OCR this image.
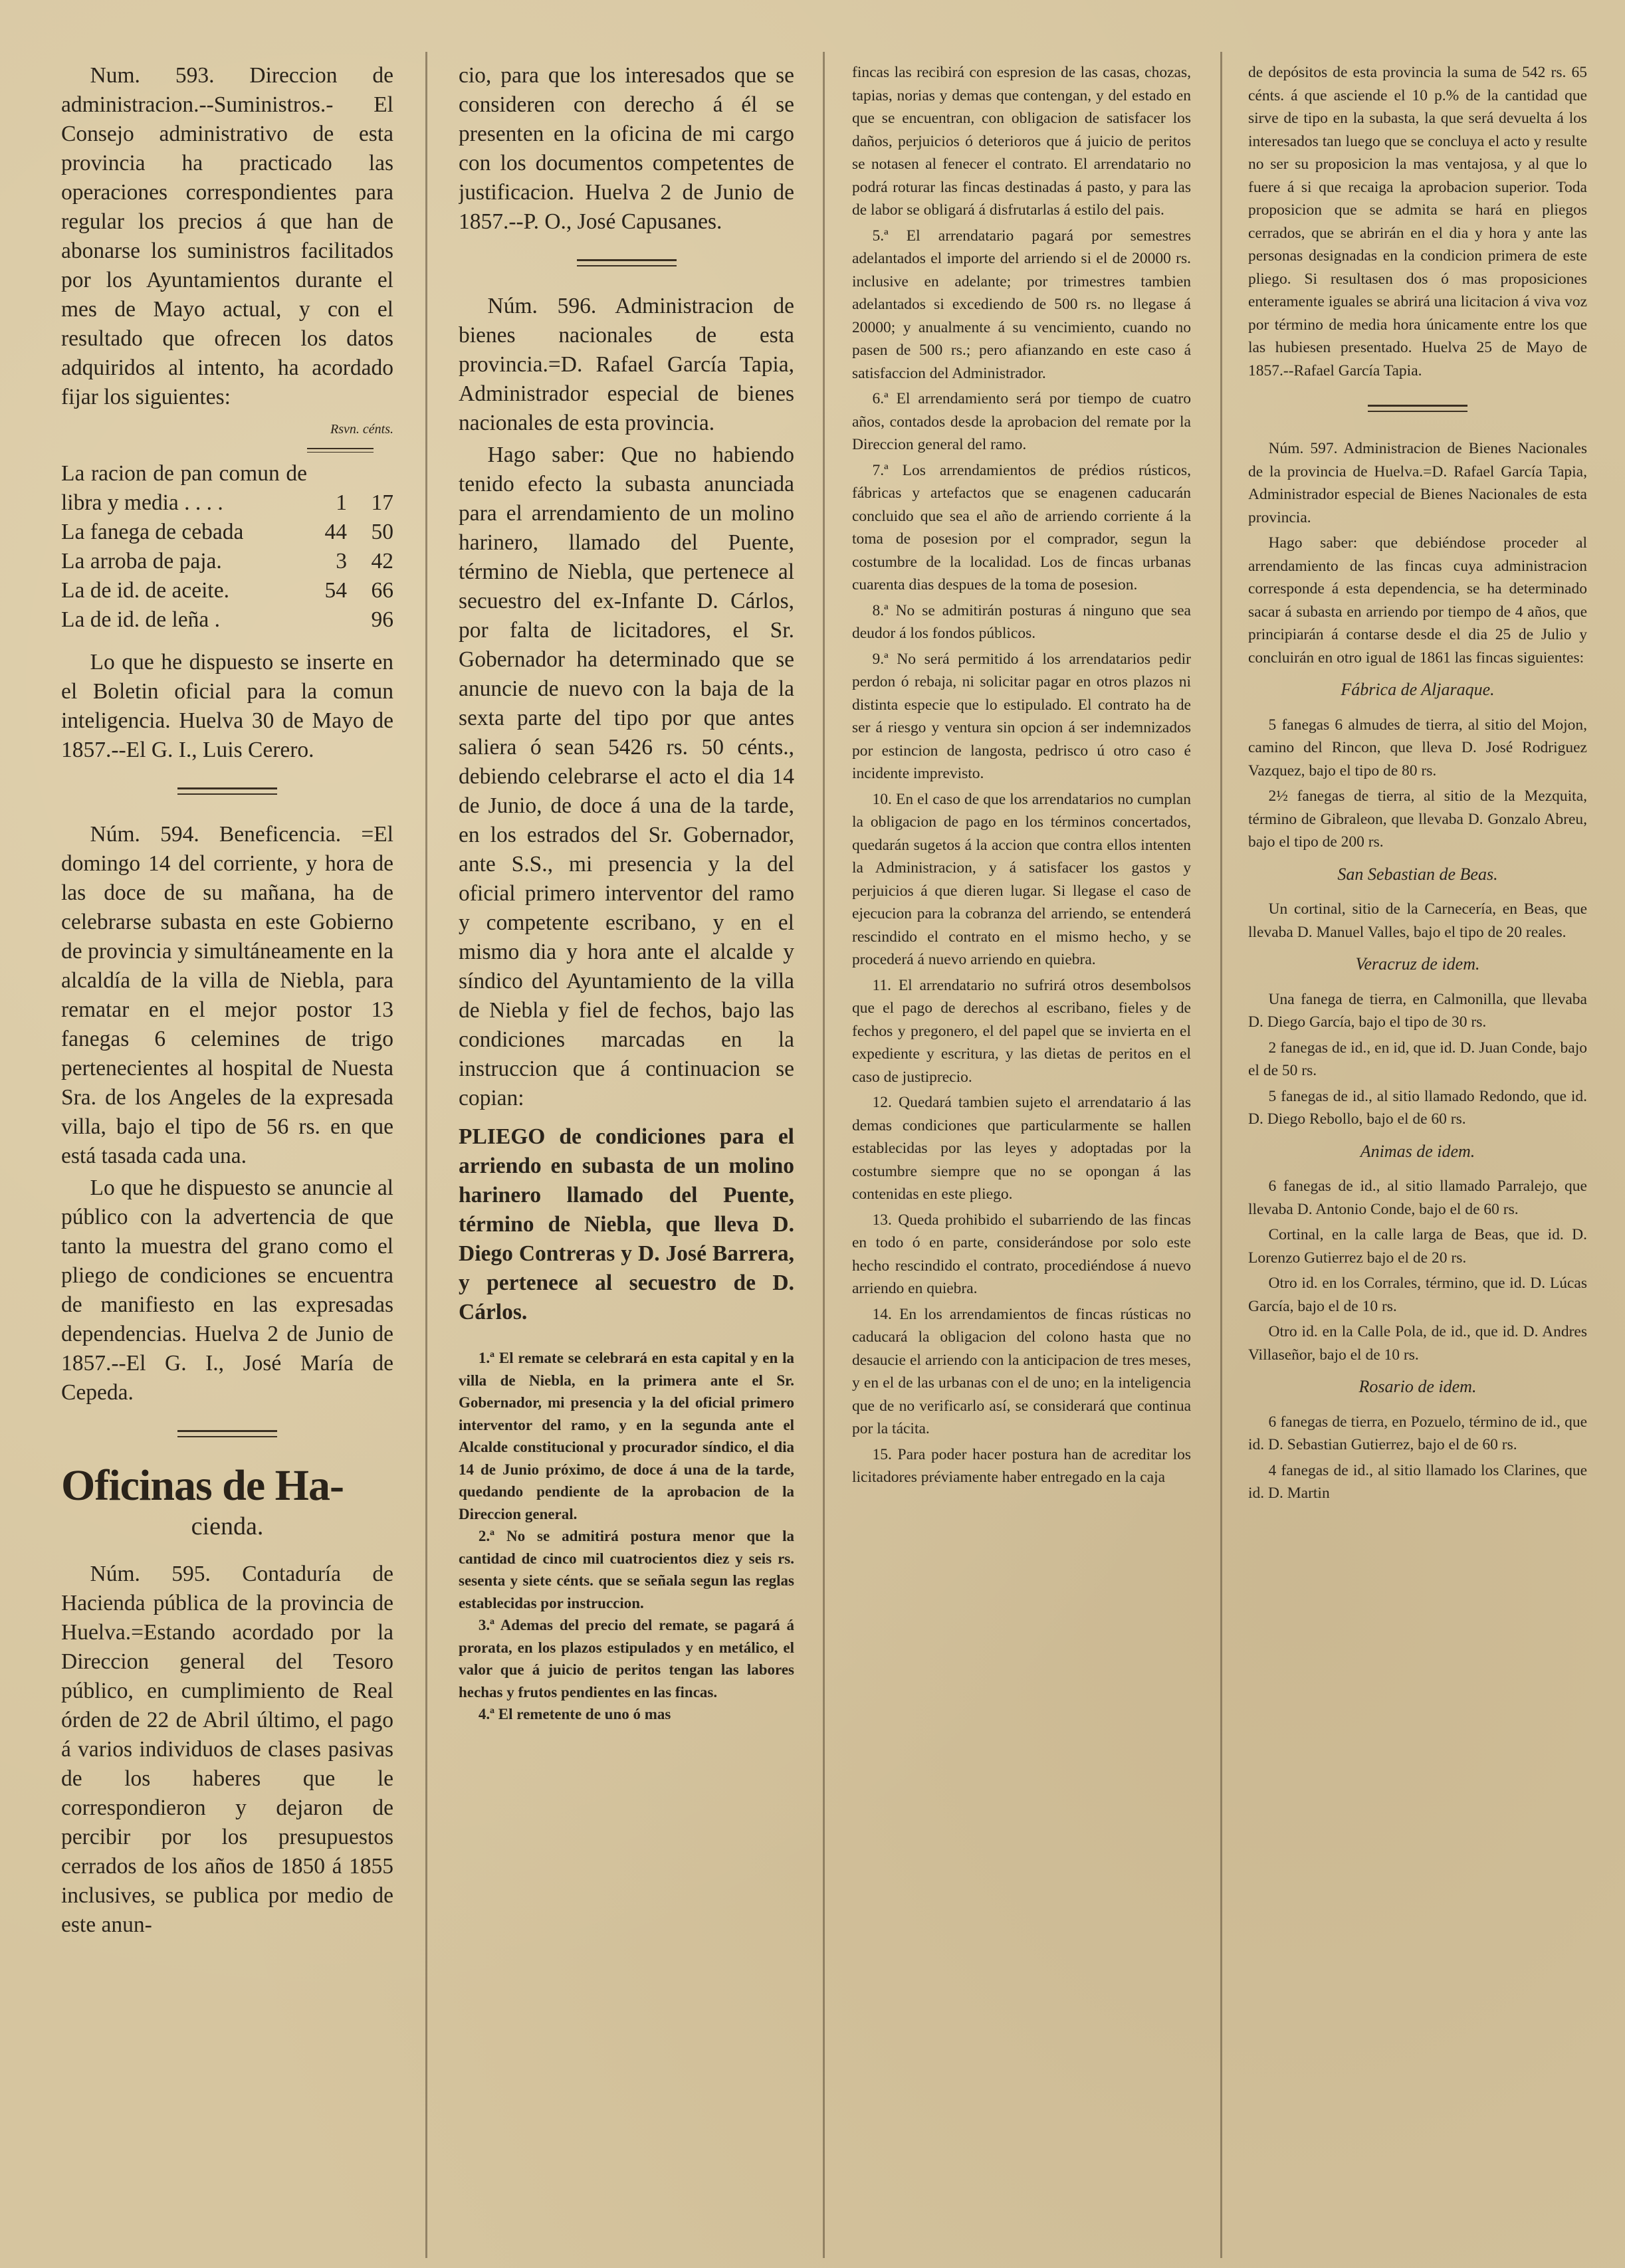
Num. 593. Direccion de administracion.--Suministros.- El Consejo administrativo de esta provincia ha practicado las operaciones correspondientes para regular los precios á que han de abonarse los suministros facilitados por los Ayuntamientos durante el mes de Mayo actual, y con el resultado que ofrecen los datos adquiridos al intento, ha acordado fijar los siguientes:

Rsvn. cénts.
La racion de pan comun de libra y media . . . .	1	17
La fanega de cebada	44	50
La arroba de paja.	3	42
La de id. de aceite.	54	66
La de id. de leña .		96

Lo que he dispuesto se inserte en el Boletin oficial para la comun inteligencia. Huelva 30 de Mayo de 1857.--El G. I., Luis Cerero.

Núm. 594. Beneficencia. =El domingo 14 del corriente, y hora de las doce de su mañana, ha de celebrarse subasta en este Gobierno de provincia y simultáneamente en la alcaldía de la villa de Niebla, para rematar en el mejor postor 13 fanegas 6 celemines de trigo pertenecientes al hospital de Nuesta Sra. de los Angeles de la expresada villa, bajo el tipo de 56 rs. en que está tasada cada una.

Lo que he dispuesto se anuncie al público con la advertencia de que tanto la muestra del grano como el pliego de condiciones se encuentra de manifiesto en las expresadas dependencias. Huelva 2 de Junio de 1857.--El G. I., José María de Cepeda.

Oficinas de Ha-
cienda.

Núm. 595. Contaduría de Hacienda pública de la provincia de Huelva.=Estando acordado por la Direccion general del Tesoro público, en cumplimiento de Real órden de 22 de Abril último, el pago á varios individuos de clases pasivas de los haberes que le correspondieron y dejaron de percibir por los presupuestos cerrados de los años de 1850 á 1855 inclusives, se publica por medio de este anun-

cio, para que los interesados que se consideren con derecho á él se presenten en la oficina de mi cargo con los documentos competentes de justificacion. Huelva 2 de Junio de 1857.--P. O., José Capusanes.

Núm. 596. Administracion de bienes nacionales de esta provincia.=D. Rafael García Tapia, Administrador especial de bienes nacionales de esta provincia.

Hago saber: Que no habiendo tenido efecto la subasta anunciada para el arrendamiento de un molino harinero, llamado del Puente, término de Niebla, que pertenece al secuestro del ex-Infante D. Cárlos, por falta de licitadores, el Sr. Gobernador ha determinado que se anuncie de nuevo con la baja de la sexta parte del tipo por que antes saliera ó sean 5426 rs. 50 cénts., debiendo celebrarse el acto el dia 14 de Junio, de doce á una de la tarde, en los estrados del Sr. Gobernador, ante S.S., mi presencia y la del oficial primero interventor del ramo y competente escribano, y en el mismo dia y hora ante el alcalde y síndico del Ayuntamiento de la villa de Niebla y fiel de fechos, bajo las condiciones marcadas en la instruccion que á continuacion se copian:

PLIEGO de condiciones para el arriendo en subasta de un molino harinero llamado del Puente, término de Niebla, que lleva D. Diego Contreras y D. José Barrera, y pertenece al secuestro de D. Cárlos.

1.ª El remate se celebrará en esta capital y en la villa de Niebla, en la primera ante el Sr. Gobernador, mi presencia y la del oficial primero interventor del ramo, y en la segunda ante el Alcalde constitucional y procurador síndico, el dia 14 de Junio próximo, de doce á una de la tarde, quedando pendiente de la aprobacion de la Direccion general.

2.ª No se admitirá postura menor que la cantidad de cinco mil cuatrocientos diez y seis rs. sesenta y siete cénts. que se señala segun las reglas establecidas por instruccion.

3.ª Ademas del precio del remate, se pagará á prorata, en los plazos estipulados y en metálico, el valor que á juicio de peritos tengan las labores hechas y frutos pendientes en las fincas.

4.ª El remetente de uno ó mas

fincas las recibirá con espresion de las casas, chozas, tapias, norias y demas que contengan, y del estado en que se encuentran, con obligacion de satisfacer los daños, perjuicios ó deterioros que á juicio de peritos se notasen al fenecer el contrato. El arrendatario no podrá roturar las fincas destinadas á pasto, y para las de labor se obligará á disfrutarlas á estilo del pais.

5.ª El arrendatario pagará por semestres adelantados el importe del arriendo si el de 20000 rs. inclusive en adelante; por trimestres tambien adelantados si excediendo de 500 rs. no llegase á 20000; y anualmente á su vencimiento, cuando no pasen de 500 rs.; pero afianzando en este caso á satisfaccion del Administrador.

6.ª El arrendamiento será por tiempo de cuatro años, contados desde la aprobacion del remate por la Direccion general del ramo.

7.ª Los arrendamientos de prédios rústicos, fábricas y artefactos que se enagenen caducarán concluido que sea el año de arriendo corriente á la toma de posesion por el comprador, segun la costumbre de la localidad. Los de fincas urbanas cuarenta dias despues de la toma de posesion.

8.ª No se admitirán posturas á ninguno que sea deudor á los fondos públicos.

9.ª No será permitido á los arrendatarios pedir perdon ó rebaja, ni solicitar pagar en otros plazos ni distinta especie que lo estipulado. El contrato ha de ser á riesgo y ventura sin opcion á ser indemnizados por estincion de langosta, pedrisco ú otro caso é incidente imprevisto.

10. En el caso de que los arrendatarios no cumplan la obligacion de pago en los términos concertados, quedarán sugetos á la accion que contra ellos intenten la Administracion, y á satisfacer los gastos y perjuicios á que dieren lugar. Si llegase el caso de ejecucion para la cobranza del arriendo, se entenderá rescindido el contrato en el mismo hecho, y se procederá á nuevo arriendo en quiebra.

11. El arrendatario no sufrirá otros desembolsos que el pago de derechos al escribano, fieles y de fechos y pregonero, el del papel que se invierta en el expediente y escritura, y las dietas de peritos en el caso de justiprecio.

12. Quedará tambien sujeto el arrendatario á las demas condiciones que particularmente se hallen establecidas por las leyes y adoptadas por la costumbre siempre que no se opongan á las contenidas en este pliego.

13. Queda prohibido el subarriendo de las fincas en todo ó en parte, considerándose por solo este hecho rescindido el contrato, procediéndose á nuevo arriendo en quiebra.

14. En los arrendamientos de fincas rústicas no caducará la obligacion del colono hasta que no desaucie el arriendo con la anticipacion de tres meses, y en el de las urbanas con el de uno; en la inteligencia que de no verificarlo así, se considerará que continua por la tácita.

15. Para poder hacer postura han de acreditar los licitadores préviamente haber entregado en la caja

de depósitos de esta provincia la suma de 542 rs. 65 cénts. á que asciende el 10 p.% de la cantidad que sirve de tipo en la subasta, la que será devuelta á los interesados tan luego que se concluya el acto y resulte no ser su proposicion la mas ventajosa, y al que lo fuere á si que recaiga la aprobacion superior. Toda proposicion que se admita se hará en pliegos cerrados, que se abrirán en el dia y hora y ante las personas designadas en la condicion primera de este pliego. Si resultasen dos ó mas proposiciones enteramente iguales se abrirá una licitacion á viva voz por término de media hora únicamente entre los que las hubiesen presentado. Huelva 25 de Mayo de 1857.--Rafael García Tapia.

Núm. 597. Administracion de Bienes Nacionales de la provincia de Huelva.=D. Rafael García Tapia, Administrador especial de Bienes Nacionales de esta provincia.

Hago saber: que debiéndose proceder al arrendamiento de las fincas cuya administracion corresponde á esta dependencia, se ha determinado sacar á subasta en arriendo por tiempo de 4 años, que principiarán á contarse desde el dia 25 de Julio y concluirán en otro igual de 1861 las fincas siguientes:

Fábrica de Aljaraque.

5 fanegas 6 almudes de tierra, al sitio del Mojon, camino del Rincon, que lleva D. José Rodriguez Vazquez, bajo el tipo de 80 rs.

2½ fanegas de tierra, al sitio de la Mezquita, término de Gibraleon, que llevaba D. Gonzalo Abreu, bajo el tipo de 200 rs.

San Sebastian de Beas.

Un cortinal, sitio de la Carnecería, en Beas, que llevaba D. Manuel Valles, bajo el tipo de 20 reales.

Veracruz de idem.

Una fanega de tierra, en Calmonilla, que llevaba D. Diego García, bajo el tipo de 30 rs.

2 fanegas de id., en id, que id. D. Juan Conde, bajo el de 50 rs.

5 fanegas de id., al sitio llamado Redondo, que id. D. Diego Rebollo, bajo el de 60 rs.

Animas de idem.

6 fanegas de id., al sitio llamado Parralejo, que llevaba D. Antonio Conde, bajo el de 60 rs.

Cortinal, en la calle larga de Beas, que id. D. Lorenzo Gutierrez bajo el de 20 rs.

Otro id. en los Corrales, término, que id. D. Lúcas García, bajo el de 10 rs.

Otro id. en la Calle Pola, de id., que id. D. Andres Villaseñor, bajo el de 10 rs.

Rosario de idem.

6 fanegas de tierra, en Pozuelo, término de id., que id. D. Sebastian Gutierrez, bajo el de 60 rs.

4 fanegas de id., al sitio llamado los Clarines, que id. D. Martin
